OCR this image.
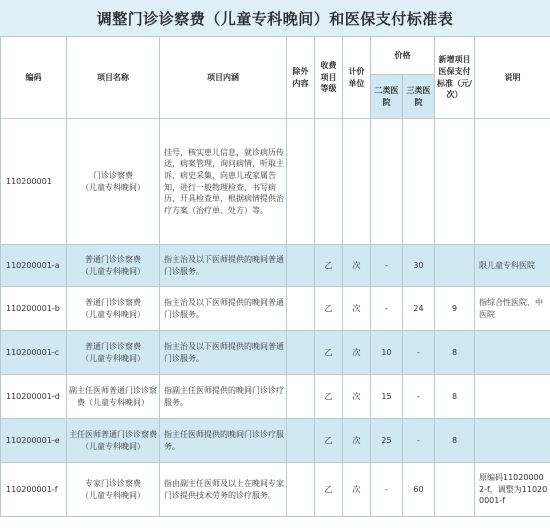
调整门诊诊察费（儿童专科晚间）和医保支付标准表
编码	项目名称	项目内涵	除外内容	收费项目等级	计价单位	价格		新增项目医保支付标准（元/次）	说明
						二类医院	三类医院		
110200001	门诊诊察费
（儿童专科晚间）	挂号，核实患儿信息，就诊病历传送，病案管理，询问病情，听取主诉，病史采集，向患儿或家属告知，进行一般物理检查，书写病历，开具检查单，根据病情提供治疗方案（治疗单、处方）等。							
110200001-a	普通门诊诊察费
（儿童专科晚间）	指主治及以下医师提供的晚间普通门诊服务。		乙	次	-	30		限儿童专科医院
110200001-b	普通门诊诊察费
（儿童专科晚间）	指主治及以下医师提供的晚间普通门诊服务。		乙	次	-	24	9	指综合性医院、中医院
110200001-c	普通门诊诊察费
（儿童专科晚间）	指主治及以下医师提供的晚间普通门诊服务。		乙	次	10	-	8	
110200001-d	副主任医师普通门诊诊察费（儿童专科晚间）	指副主任医师提供的晚间门诊诊疗服务。		乙	次	15	-	8	
110200001-e	主任医师普通门诊诊察费
（儿童专科晚间）	指主任医师提供的晚间门诊诊疗服务。		乙	次	25	-	8	
110200001-f	专家门诊诊察费
（儿童专科晚间）	指由副主任医师及以上在晚间专家门诊提供技术劳务的诊疗服务。		乙	次	-	60		原编码110200002-f，调整为110200001-f
